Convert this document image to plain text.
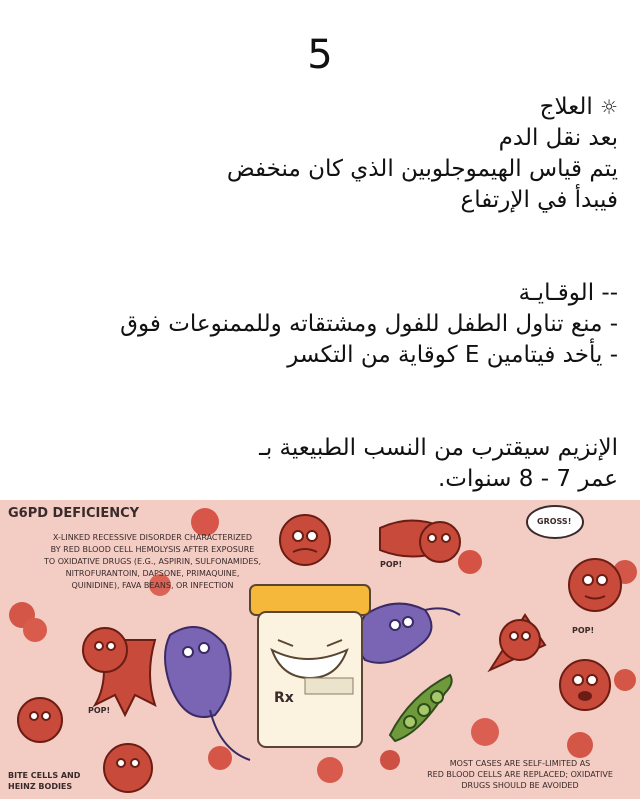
5
☼ العلاج
بعد نقل الدم
يتم قياس الهيموجلوبين الذي كان منخفض
فيبدأ في الإرتفاع
-- الوقـايـة
- منع تناول الطفل للفول ومشتقاته وللممنوعات فوق
- يأخد فيتامين E كوقاية من التكسر
الإنزيم سيقترب من النسب الطبيعية بـ
عمر 7 - 8 سنوات.
G6PD DEFICIENCY
X-LINKED RECESSIVE DISORDER CHARACTERIZED
BY RED BLOOD CELL HEMOLYSIS AFTER EXPOSURE
TO OXIDATIVE DRUGS (E.G., ASPIRIN, SULFONAMIDES,
NITROFURANTOIN, DAPSONE, PRIMAQUINE,
QUINIDINE), FAVA BEANS, OR INFECTION
POP!
POP!
POP!
GROSS!
Rx
BITE CELLS AND
HEINZ BODIES
MOST CASES ARE SELF-LIMITED AS
RED BLOOD CELLS ARE REPLACED; OXIDATIVE
DRUGS SHOULD BE AVOIDED
